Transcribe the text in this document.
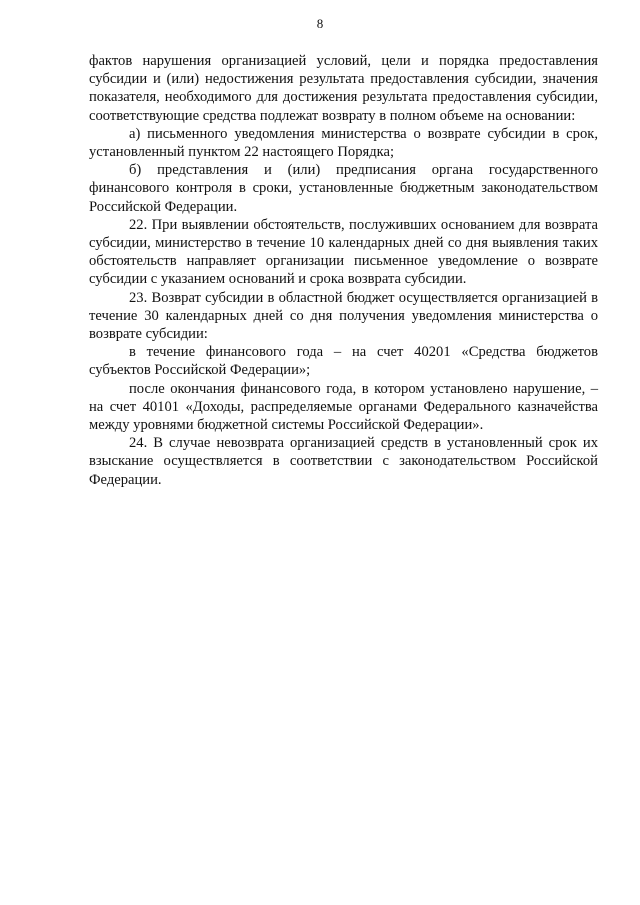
8

фактов нарушения организацией условий, цели и порядка предоставления субсидии и (или) недостижения результата предоставления субсидии, значения показателя, необходимого для достижения результата предоставления субсидии, соответствующие средства подлежат возврату в полном объеме на основании:

а) письменного уведомления министерства о возврате субсидии в срок, установленный пунктом 22 настоящего Порядка;

б) представления и (или) предписания органа государственного финансового контроля в сроки, установленные бюджетным законодательством Российской Федерации.

22. При выявлении обстоятельств, послуживших основанием для возврата субсидии, министерство в течение 10 календарных дней со дня выявления таких обстоятельств направляет организации письменное уведомление о возврате субсидии с указанием оснований и срока возврата субсидии.

23. Возврат субсидии в областной бюджет осуществляется организацией в течение 30 календарных дней со дня получения уведомления министерства о возврате субсидии:

в течение финансового года – на счет 40201 «Средства бюджетов субъектов Российской Федерации»;

после окончания финансового года, в котором установлено нарушение, – на счет 40101 «Доходы, распределяемые органами Федерального казначейства между уровнями бюджетной системы Российской Федерации».

24. В случае невозврата организацией средств в установленный срок их взыскание осуществляется в соответствии с законодательством Российской Федерации.
